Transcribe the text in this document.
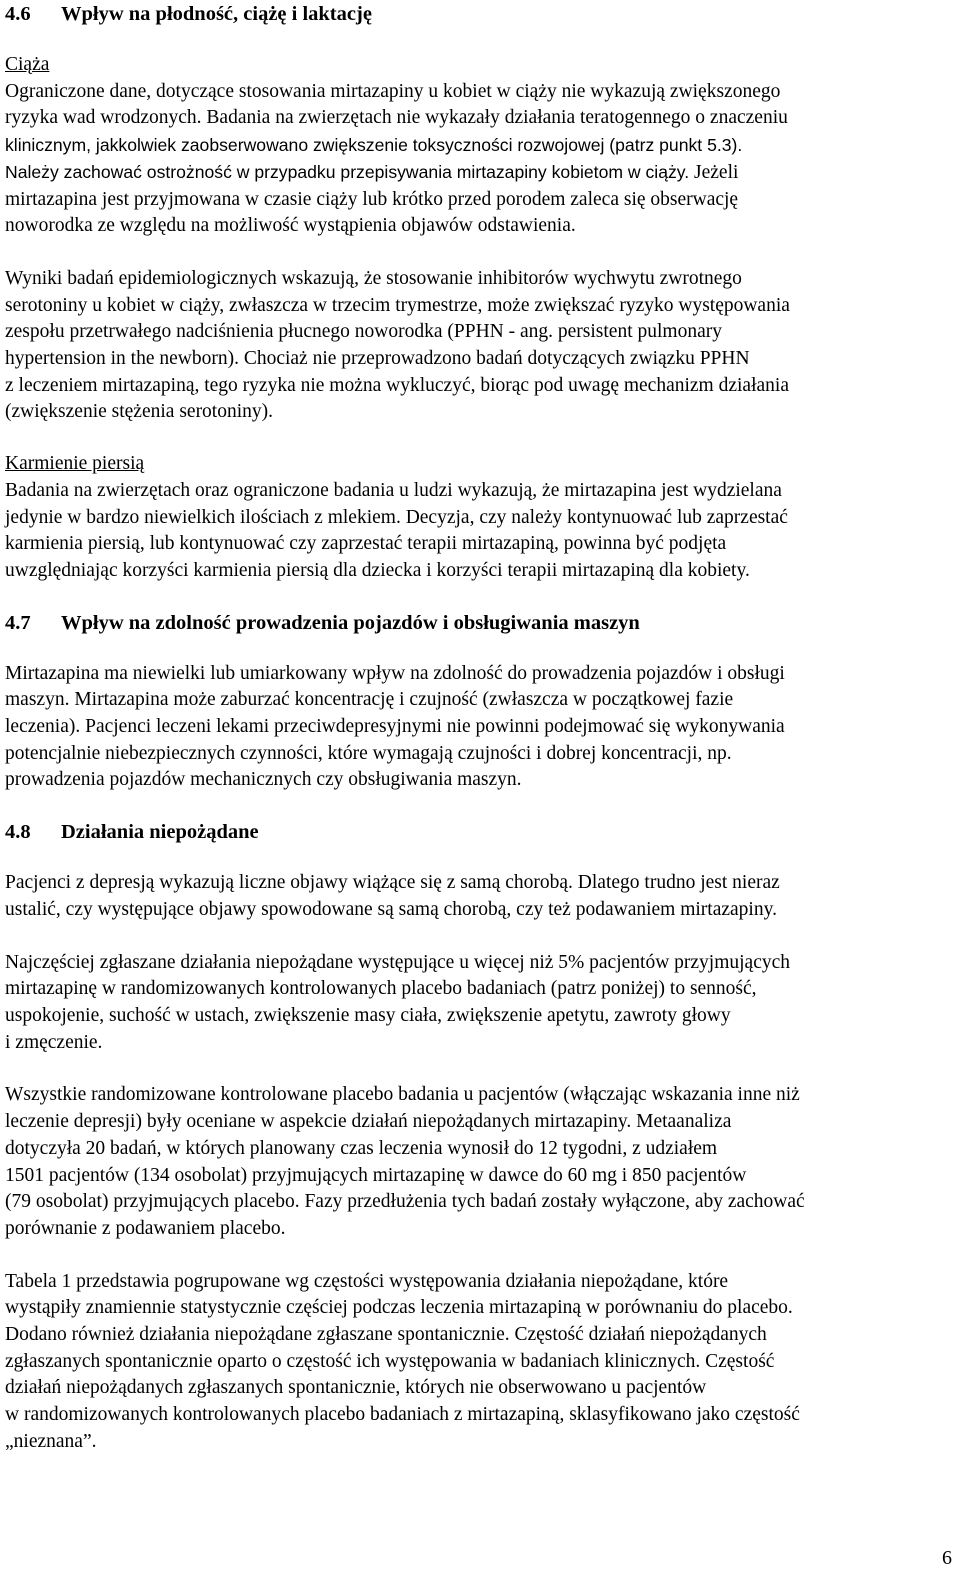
4.6 Wpływ na płodność, ciążę i laktację
Ciąża
Ograniczone dane, dotyczące stosowania mirtazapiny u kobiet w ciąży nie wykazują zwiększonego
ryzyka wad wrodzonych. Badania na zwierzętach nie wykazały działania teratogennego o znaczeniu
klinicznym, jakkolwiek zaobserwowano zwiększenie toksyczności rozwojowej (patrz punkt 5.3).
Należy zachować ostrożność w przypadku przepisywania mirtazapiny kobietom w ciąży. Jeżeli
mirtazapina jest przyjmowana w czasie ciąży lub krótko przed porodem zaleca się obserwację
noworodka ze względu na możliwość wystąpienia objawów odstawienia.
Wyniki badań epidemiologicznych wskazują, że stosowanie inhibitorów wychwytu zwrotnego
serotoniny u kobiet w ciąży, zwłaszcza w trzecim trymestrze, może zwiększać ryzyko występowania
zespołu przetrwałego nadciśnienia płucnego noworodka (PPHN - ang. persistent pulmonary
hypertension in the newborn). Chociaż nie przeprowadzono badań dotyczących związku PPHN
z leczeniem mirtazapiną, tego ryzyka nie można wykluczyć, biorąc pod uwagę mechanizm działania
(zwiększenie stężenia serotoniny).
Karmienie piersią
Badania na zwierzętach oraz ograniczone badania u ludzi wykazują, że mirtazapina jest wydzielana
jedynie w bardzo niewielkich ilościach z mlekiem. Decyzja, czy należy kontynuować lub zaprzestać
karmienia piersią, lub kontynuować czy zaprzestać terapii mirtazapiną, powinna być podjęta
uwzględniając korzyści karmienia piersią dla dziecka i korzyści terapii mirtazapiną dla kobiety.
4.7 Wpływ na zdolność prowadzenia pojazdów i obsługiwania maszyn
Mirtazapina ma niewielki lub umiarkowany wpływ na zdolność do prowadzenia pojazdów i obsługi
maszyn. Mirtazapina może zaburzać koncentrację i czujność (zwłaszcza w początkowej fazie
leczenia). Pacjenci leczeni lekami przeciwdepresyjnymi nie powinni podejmować się wykonywania
potencjalnie niebezpiecznych czynności, które wymagają czujności i dobrej koncentracji, np.
prowadzenia pojazdów mechanicznych czy obsługiwania maszyn.
4.8 Działania niepożądane
Pacjenci z depresją wykazują liczne objawy wiążące się z samą chorobą. Dlatego trudno jest nieraz
ustalić, czy występujące objawy spowodowane są samą chorobą, czy też podawaniem mirtazapiny.
Najczęściej zgłaszane działania niepożądane występujące u więcej niż 5% pacjentów przyjmujących
mirtazapinę w randomizowanych kontrolowanych placebo badaniach (patrz poniżej) to senność,
uspokojenie, suchość w ustach, zwiększenie masy ciała, zwiększenie apetytu, zawroty głowy
i zmęczenie.
Wszystkie randomizowane kontrolowane placebo badania u pacjentów (włączając wskazania inne niż
leczenie depresji) były oceniane w aspekcie działań niepożądanych mirtazapiny. Metaanaliza
dotyczyła 20 badań, w których planowany czas leczenia wynosił do 12 tygodni, z udziałem
1501 pacjentów (134 osobolat) przyjmujących mirtazapinę w dawce do 60 mg i 850 pacjentów
(79 osobolat) przyjmujących placebo. Fazy przedłużenia tych badań zostały wyłączone, aby zachować
porównanie z podawaniem placebo.
Tabela 1 przedstawia pogrupowane wg częstości występowania działania niepożądane, które
wystąpiły znamiennie statystycznie częściej podczas leczenia mirtazapiną w porównaniu do placebo.
Dodano również działania niepożądane zgłaszane spontanicznie. Częstość działań niepożądanych
zgłaszanych spontanicznie oparto o częstość ich występowania w badaniach klinicznych. Częstość
działań niepożądanych zgłaszanych spontanicznie, których nie obserwowano u pacjentów
w randomizowanych kontrolowanych placebo badaniach z mirtazapiną, sklasyfikowano jako częstość
„nieznana”.
6
